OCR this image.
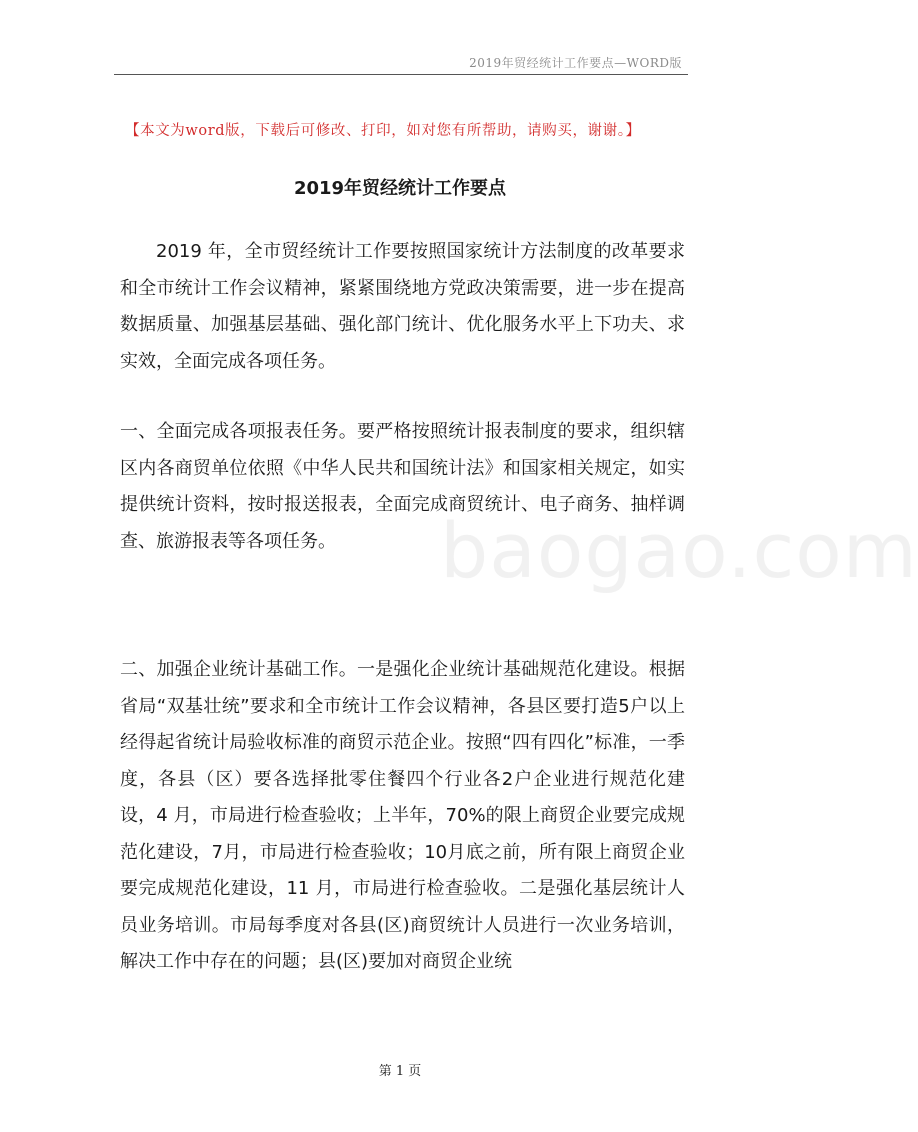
2019年贸经统计工作要点—WORD版
【本文为word版，下载后可修改、打印，如对您有所帮助，请购买，谢谢。】
2019年贸经统计工作要点
2019 年，全市贸经统计工作要按照国家统计方法制度的改革要求和全市统计工作会议精神，紧紧围绕地方党政决策需要，进一步在提高数据质量、加强基层基础、强化部门统计、优化服务水平上下功夫、求实效，全面完成各项任务。
一、全面完成各项报表任务。要严格按照统计报表制度的要求，组织辖区内各商贸单位依照《中华人民共和国统计法》和国家相关规定，如实提供统计资料，按时报送报表，全面完成商贸统计、电子商务、抽样调查、旅游报表等各项任务。
二、加强企业统计基础工作。一是强化企业统计基础规范化建设。根据省局“双基壮统”要求和全市统计工作会议精神，各县区要打造5户以上经得起省统计局验收标准的商贸示范企业。按照“四有四化”标准，一季度，各县（区）要各选择批零住餐四个行业各2户企业进行规范化建设，4 月，市局进行检查验收；上半年，70%的限上商贸企业要完成规范化建设，7月，市局进行检查验收；10月底之前，所有限上商贸企业要完成规范化建设，11 月，市局进行检查验收。二是强化基层统计人员业务培训。市局每季度对各县(区)商贸统计人员进行一次业务培训，解决工作中存在的问题；县(区)要加对商贸企业统
baogao.com
第 1 页
